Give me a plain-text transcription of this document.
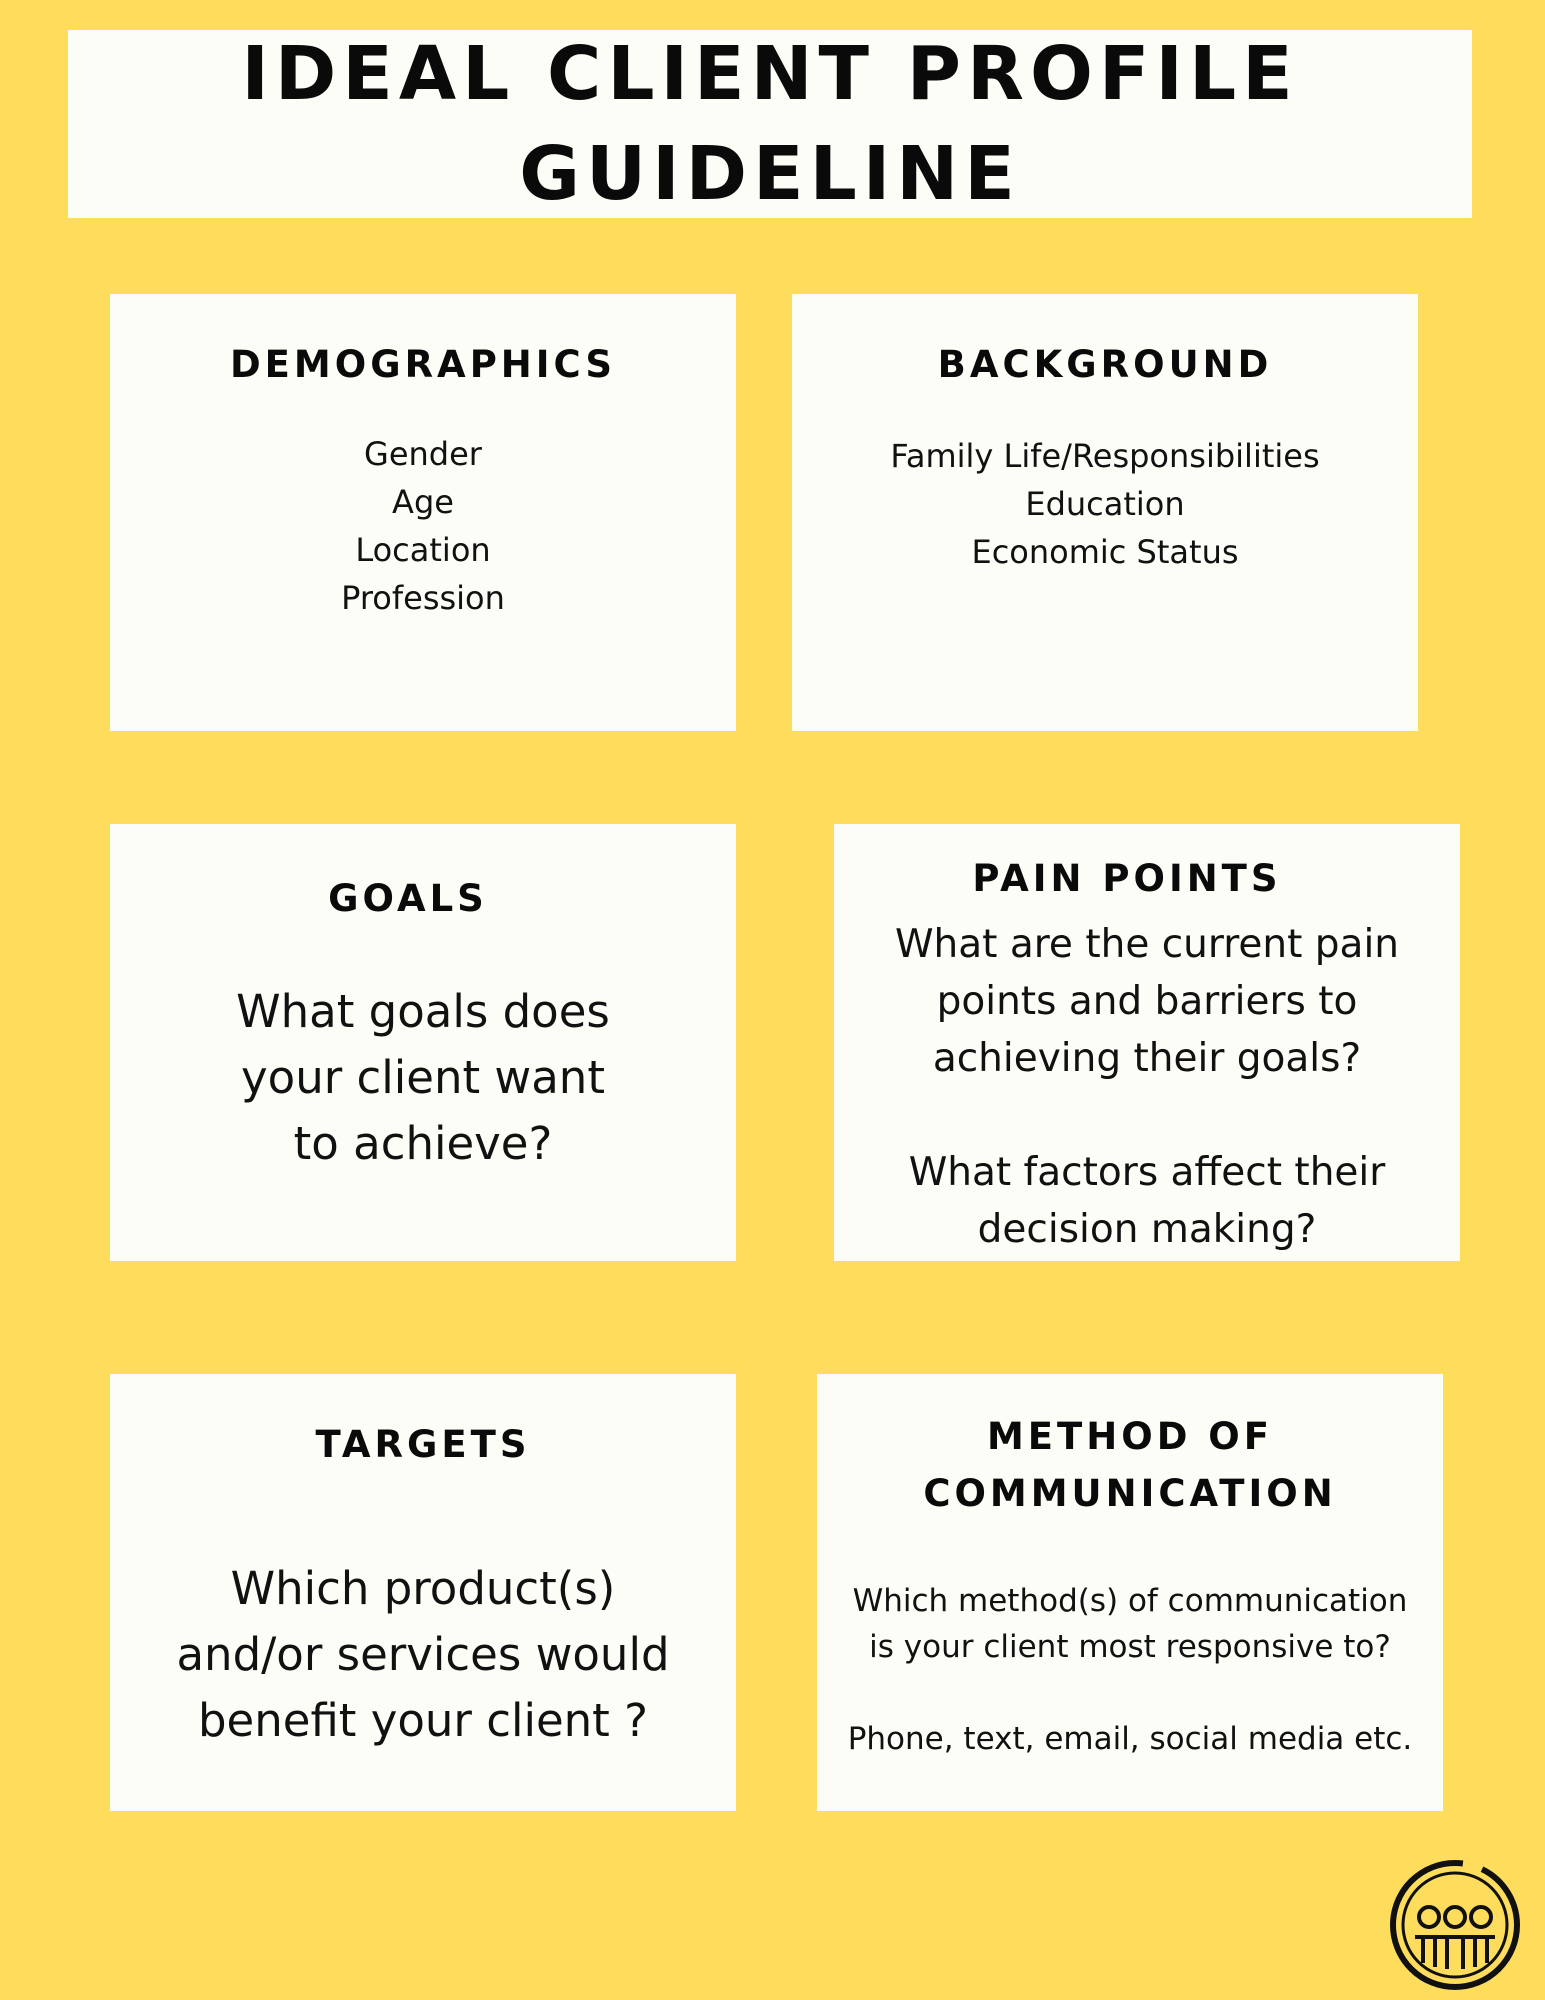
IDEAL CLIENT PROFILE
GUIDELINE
DEMOGRAPHICS
Gender
Age
Location
Profession
BACKGROUND
Family Life/Responsibilities
Education
Economic Status
GOALS
What goals does
your client want
to achieve?
PAIN POINTS
What are the current pain
points and barriers to
achieving their goals?
What factors affect their
decision making?
TARGETS
Which product(s)
and/or services would
benefit your client ?
METHOD OF
COMMUNICATION
Which method(s) of communication
is your client most responsive to?
Phone, text, email, social media etc.
